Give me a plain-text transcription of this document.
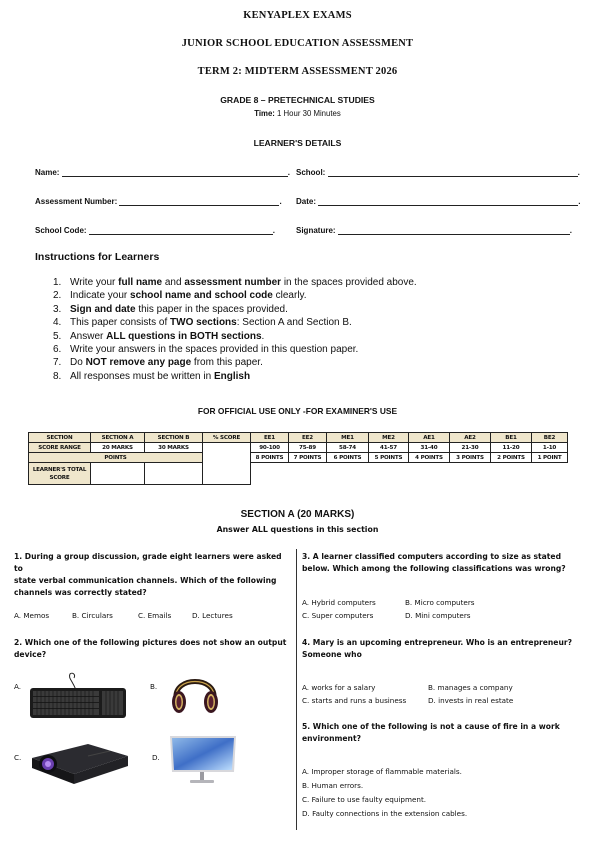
KENYAPLEX EXAMS
JUNIOR SCHOOL EDUCATION ASSESSMENT
TERM 2: MIDTERM ASSESSMENT 2026
GRADE 8 – PRETECHNICAL STUDIES
Time: 1 Hour 30 Minutes
LEARNER'S DETAILS
Name:	. School:	.
Assessment Number:	. Date:	.
School Code:	.	Signature:	.
Instructions for Learners
1. Write your full name and assessment number in the spaces provided above.
2. Indicate your school name and school code clearly.
3. Sign and date this paper in the spaces provided.
4. This paper consists of TWO sections: Section A and Section B.
5. Answer ALL questions in BOTH sections.
6. Write your answers in the spaces provided in this question paper.
7. Do NOT remove any page from this paper.
8. All responses must be written in English
FOR OFFICIAL USE ONLY -FOR EXAMINER'S USE
SECTION	SECTION A	SECTION B	% SCORE	EE1	EE2	ME1	ME2	AE1	AE2	BE1	BE2
SCORE RANGE	20 MARKS	30 MARKS		90-100	75-89	58-74	41-57	31-40	21-30	11-20	1-10
POINTS				8 POINTS	7 POINTS	6 POINTS	5 POINTS	4 POINTS	3 POINTS	2 POINTS	1 POINT
LEARNER'S TOTAL SCORE											
SECTION A (20 MARKS)
Answer ALL questions in this section
1. During a group discussion, grade eight learners were asked to
state verbal communication channels. Which of the following
channels was correctly stated?
A. Memos	B. Circulars	C. Emails	D. Lectures
2. Which one of the following pictures does not show an output
device?
A.	B.
C.	D.
3. A learner classified computers according to size as stated
below. Which among the following classifications was wrong?
A. Hybrid computers	B. Micro computers
C. Super computers	D. Mini computers
4. Mary is an upcoming entrepreneur. Who is an entrepreneur?
Someone who
A. works for a salary	B. manages a company
C. starts and runs a business	D. invests in real estate
5. Which one of the following is not a cause of fire in a work
environment?
A. Improper storage of flammable materials.
B. Human errors.
C. Failure to use faulty equipment.
D. Faulty connections in the extension cables.
